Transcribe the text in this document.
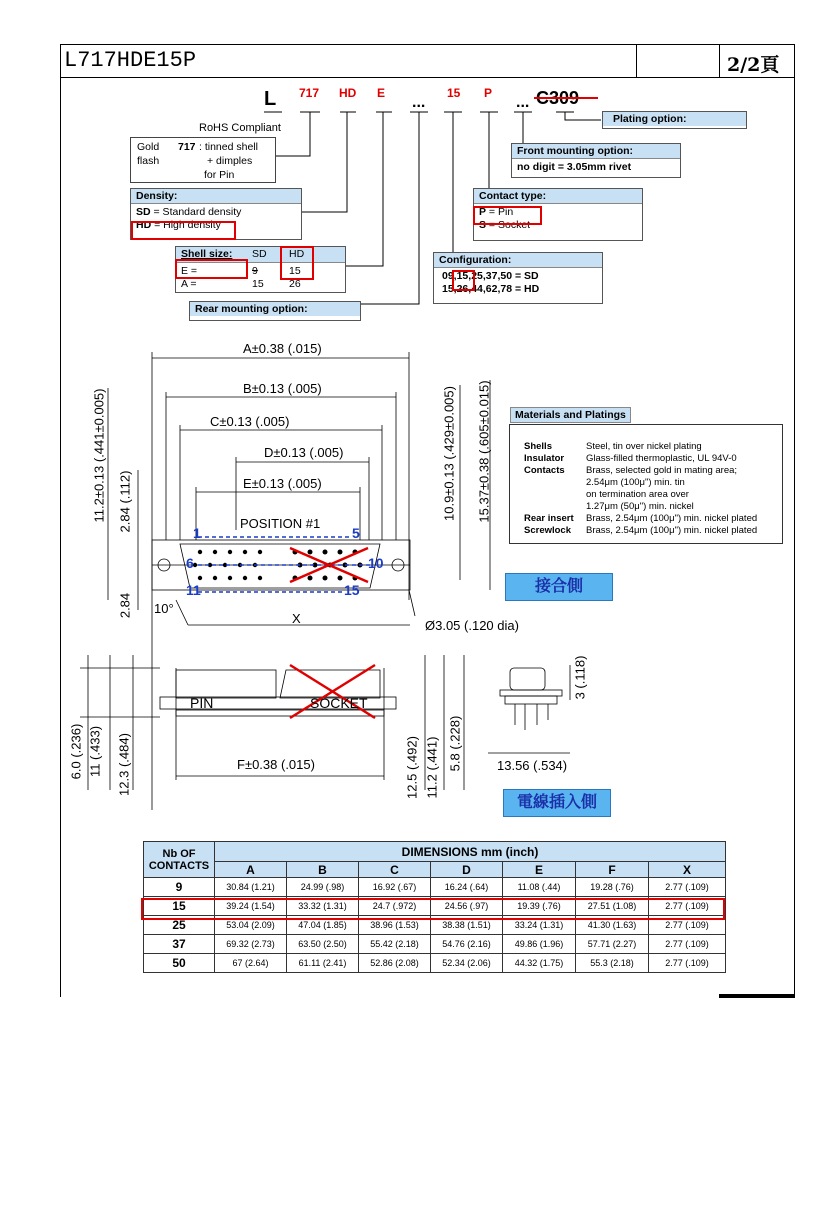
L717HDE15P	2/2頁
L 717 HD E
...
15 P
... C309
RoHS Compliant
Gold
flash
717 : tinned shell
+ dimples
for Pin
Density:
SD = Standard density
HD = High density
Shell size: SD HD
E =	9	15
A =	15 26
Rear mounting option:
Plating option:
Front mounting option:
no digit = 3.05mm rivet
Contact type:
P = Pin
S = Socket
Configuration:
09,15,25,37,50 = SD
15,26,44,62,78 = HD
A±0.38 (.015)
B±0.13 (.005)
C±0.13 (.005)
D±0.13 (.005)
E±0.13 (.005)
POSITION #1
11.2±0.13 (.441±0.005) 2.84 (.112)
2.84
10.9±0.13 (.429±0.005) 15.37±0.38 (.605±0.015)
10°
X	Ø3.05 (.120 dia)
1	5
6	10
11	15
Materials and Platings
Shells	Steel, tin over nickel plating
Insulator Glass-filled thermoplastic, UL 94V-0
Contacts Brass, selected gold in mating area;
2.54μm (100μ") min. tin
on termination area over
1.27μm (50μ") min. nickel
Rear insert Brass, 2.54μm (100μ") min. nickel plated
Screwlock Brass, 2.54μm (100μ") min. nickel plated
接合側
電線插入側
PIN	SOCKET
F±0.38 (.015)
6.0 (.236) 11 (.433) 12.3 (.484)	12.5 (.492) 11.2 (.441) 5.8 (.228)
3 (.118)
13.56 (.534)
Nb OF CONTACTS	DIMENSIONS mm (inch)						
	A	B	C	D	E	F	X
9	30.84 (1.21)	24.99 (.98)	16.92 (.67)	16.24 (.64)	11.08 (.44)	19.28 (.76)	2.77 (.109)
15	39.24 (1.54)	33.32 (1.31)	24.7 (.972)	24.56 (.97)	19.39 (.76)	27.51 (1.08)	2.77 (.109)
25	53.04 (2.09)	47.04 (1.85)	38.96 (1.53)	38.38 (1.51)	33.24 (1.31)	41.30 (1.63)	2.77 (.109)
37	69.32 (2.73)	63.50 (2.50)	55.42 (2.18)	54.76 (2.16)	49.86 (1.96)	57.71 (2.27)	2.77 (.109)
50	67 (2.64)	61.11 (2.41)	52.86 (2.08)	52.34 (2.06)	44.32 (1.75)	55.3 (2.18)	2.77 (.109)
